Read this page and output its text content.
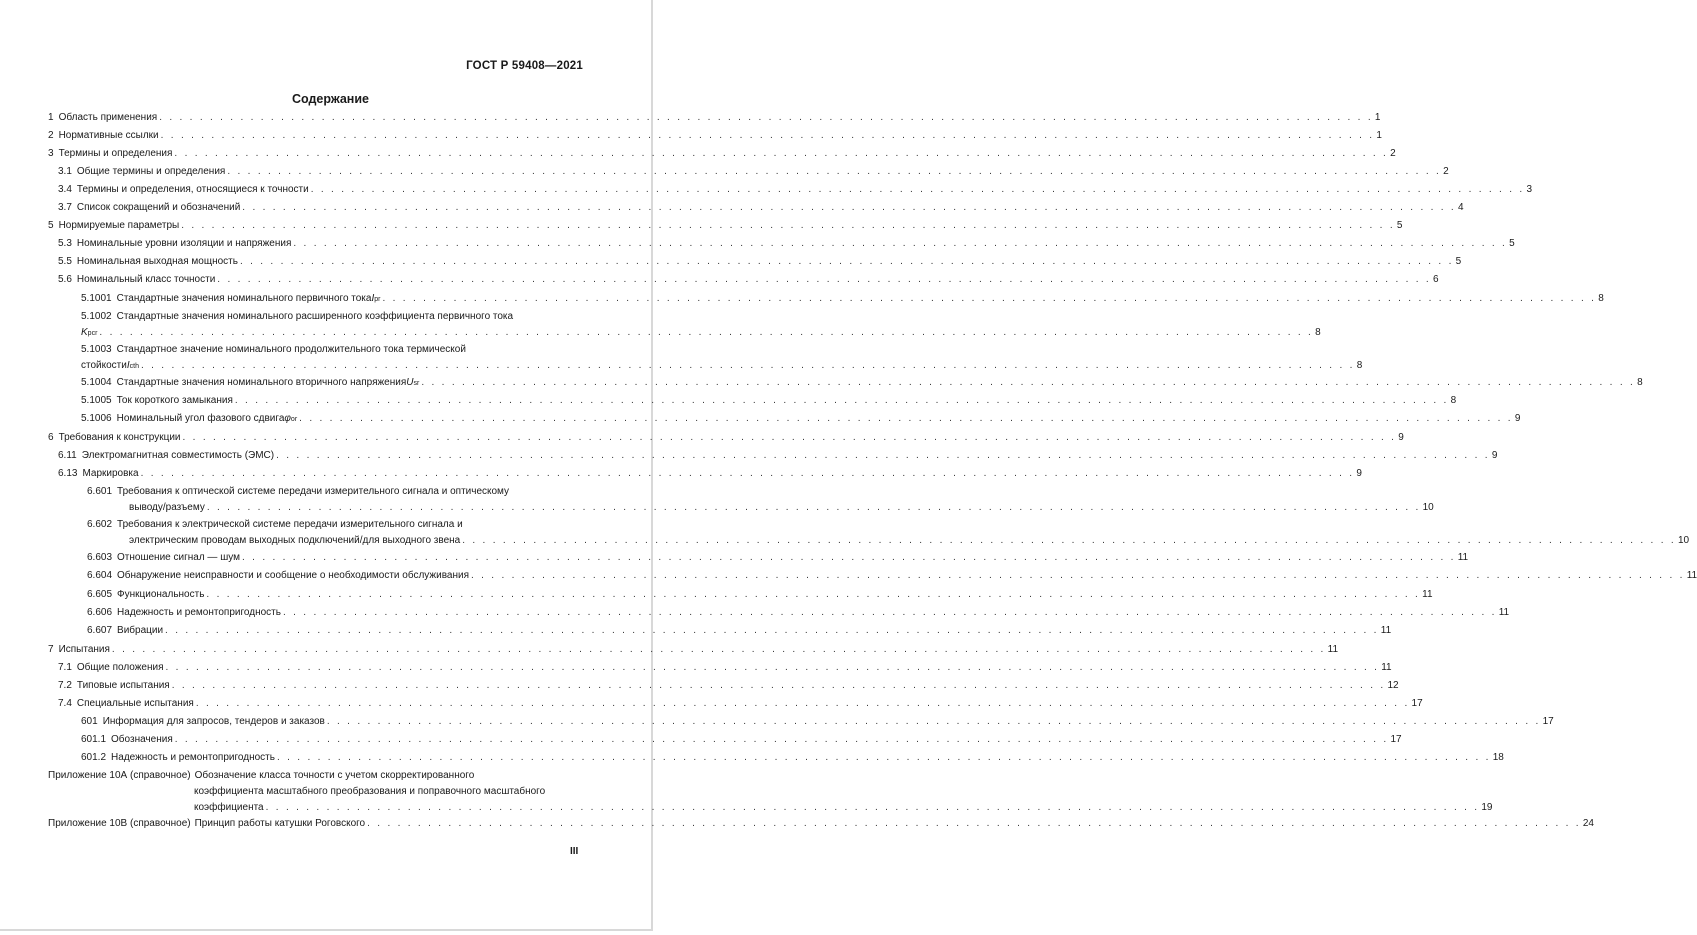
ГОСТ Р 59408—2021
Содержание
1 Область применения . . . . . . . . . . . . . . . . . . . . . . . . . . . . . . . . . . . . . . . . . . . . . . . . . . . . . . . . . . . . . . . . . . . . . . . . . . . . . . . . . . . . . . . . . . . . . . . . . . . . . . . . . . . . . . . . . . . . . . . . 1
2 Нормативные ссылки . . . . . . . . . . . . . . . . . . . . . . . . . . . . . . . . . . . . . . . . . . . . . . . . . . . . . . . . . . . . . . . . . . . . . . . . . . . . . . . . . . . . . . . . . . . . . . . . . . . . . . . . . . . . . . . . . . . . . . . . 1
3 Термины и определения . . . . . . . . . . . . . . . . . . . . . . . . . . . . . . . . . . . . . . . . . . . . . . . . . . . . . . . . . . . . . . . . . . . . . . . . . . . . . . . . . . . . . . . . . . . . . . . . . . . . . . . . . . . . . . . . . . . . . . . . 2
3.1 Общие термины и определения . . . . . . . . . . . . . . . . . . . . . . . . . . . . . . . . . . . . . . . . . . . . . . . . . . . . . . . . . . . . . . . . . . . . . . . . . . . . . . . . . . . . . . . . . . . . . . . . . . . . . . . . . . . . . . . . . . . . . . . . 2
3.4 Термины и определения, относящиеся к точности . . . . . . . . . . . . . . . . . . . . . . . . . . . . . . . . . . . . . . . . . . . . . . . . . . . . . . . . . . . . . . . . . . . . . . . . . . . . . . . . . . . . . . . . . . . . . . . . . . . . . . . . . . . . . . . . . . . . . . . . 3
3.7 Список сокращений и обозначений . . . . . . . . . . . . . . . . . . . . . . . . . . . . . . . . . . . . . . . . . . . . . . . . . . . . . . . . . . . . . . . . . . . . . . . . . . . . . . . . . . . . . . . . . . . . . . . . . . . . . . . . . . . . . . . . . . . . . . . . 4
5 Нормируемые параметры . . . . . . . . . . . . . . . . . . . . . . . . . . . . . . . . . . . . . . . . . . . . . . . . . . . . . . . . . . . . . . . . . . . . . . . . . . . . . . . . . . . . . . . . . . . . . . . . . . . . . . . . . . . . . . . . . . . . . . . . 5
5.3 Номинальные уровни изоляции и напряжения . . . . . . . . . . . . . . . . . . . . . . . . . . . . . . . . . . . . . . . . . . . . . . . . . . . . . . . . . . . . . . . . . . . . . . . . . . . . . . . . . . . . . . . . . . . . . . . . . . . . . . . . . . . . . . . . . . . . . . . . 5
5.5 Номинальная выходная мощность . . . . . . . . . . . . . . . . . . . . . . . . . . . . . . . . . . . . . . . . . . . . . . . . . . . . . . . . . . . . . . . . . . . . . . . . . . . . . . . . . . . . . . . . . . . . . . . . . . . . . . . . . . . . . . . . . . . . . . . . 5
5.6 Номинальный класс точности . . . . . . . . . . . . . . . . . . . . . . . . . . . . . . . . . . . . . . . . . . . . . . . . . . . . . . . . . . . . . . . . . . . . . . . . . . . . . . . . . . . . . . . . . . . . . . . . . . . . . . . . . . . . . . . . . . . . . . . . 6
5.1001 Стандартные значения номинального первичного тока I pr . . . . . . . . . . . . . . . . . . . . . . . . . . . . . . . . . . . . . . . . . . . . . . . . . . . . . . . . . . . . . . . . . . . . . . . . . . . . . . . . . . . . . . . . . . . . . . . . . . . . . . . . . . . . . . . . . . . . . . . . 8
5.1002 Стандартные значения номинального расширенного коэффициента первичного тока
K pcr . . . . . . . . . . . . . . . . . . . . . . . . . . . . . . . . . . . . . . . . . . . . . . . . . . . . . . . . . . . . . . . . . . . . . . . . . . . . . . . . . . . . . . . . . . . . . . . . . . . . . . . . . . . . . . . . . . . . . . . . 8
5.1003 Стандартное значение номинального продолжительного тока термической
стойкости I cth . . . . . . . . . . . . . . . . . . . . . . . . . . . . . . . . . . . . . . . . . . . . . . . . . . . . . . . . . . . . . . . . . . . . . . . . . . . . . . . . . . . . . . . . . . . . . . . . . . . . . . . . . . . . . . . . . . . . . . . . 8
5.1004 Стандартные значения номинального вторичного напряжения U sr . . . . . . . . . . . . . . . . . . . . . . . . . . . . . . . . . . . . . . . . . . . . . . . . . . . . . . . . . . . . . . . . . . . . . . . . . . . . . . . . . . . . . . . . . . . . . . . . . . . . . . . . . . . . . . . . . . . . . . . . 8
5.1005 Ток короткого замыкания . . . . . . . . . . . . . . . . . . . . . . . . . . . . . . . . . . . . . . . . . . . . . . . . . . . . . . . . . . . . . . . . . . . . . . . . . . . . . . . . . . . . . . . . . . . . . . . . . . . . . . . . . . . . . . . . . . . . . . . . 8
5.1006 Номинальный угол фазового сдвига φ or . . . . . . . . . . . . . . . . . . . . . . . . . . . . . . . . . . . . . . . . . . . . . . . . . . . . . . . . . . . . . . . . . . . . . . . . . . . . . . . . . . . . . . . . . . . . . . . . . . . . . . . . . . . . . . . . . . . . . . . . 9
6 Требования к конструкции . . . . . . . . . . . . . . . . . . . . . . . . . . . . . . . . . . . . . . . . . . . . . . . . . . . . . . . . . . . . . . . . . . . . . . . . . . . . . . . . . . . . . . . . . . . . . . . . . . . . . . . . . . . . . . . . . . . . . . . . 9
6.11 Электромагнитная совместимость (ЭМС) . . . . . . . . . . . . . . . . . . . . . . . . . . . . . . . . . . . . . . . . . . . . . . . . . . . . . . . . . . . . . . . . . . . . . . . . . . . . . . . . . . . . . . . . . . . . . . . . . . . . . . . . . . . . . . . . . . . . . . . . 9
6.13 Маркировка . . . . . . . . . . . . . . . . . . . . . . . . . . . . . . . . . . . . . . . . . . . . . . . . . . . . . . . . . . . . . . . . . . . . . . . . . . . . . . . . . . . . . . . . . . . . . . . . . . . . . . . . . . . . . . . . . . . . . . . . 9
6.601 Требования к оптической системе передачи измерительного сигнала и оптическому
выводу/разъему . . . . . . . . . . . . . . . . . . . . . . . . . . . . . . . . . . . . . . . . . . . . . . . . . . . . . . . . . . . . . . . . . . . . . . . . . . . . . . . . . . . . . . . . . . . . . . . . . . . . . . . . . . . . . . . . . . . . . . . . 10
6.602 Требования к электрической системе передачи измерительного сигнала и
электрическим проводам выходных подключений/для выходного звена . . . . . . . . . . . . . . . . . . . . . . . . . . . . . . . . . . . . . . . . . . . . . . . . . . . . . . . . . . . . . . . . . . . . . . . . . . . . . . . . . . . . . . . . . . . . . . . . . . . . . . . . . . . . . . . . . . . . . . . . 10
6.603 Отношение сигнал — шум . . . . . . . . . . . . . . . . . . . . . . . . . . . . . . . . . . . . . . . . . . . . . . . . . . . . . . . . . . . . . . . . . . . . . . . . . . . . . . . . . . . . . . . . . . . . . . . . . . . . . . . . . . . . . . . . . . . . . . . . 11
6.604 Обнаружение неисправности и сообщение о необходимости обслуживания . . . . . . . . . . . . . . . . . . . . . . . . . . . . . . . . . . . . . . . . . . . . . . . . . . . . . . . . . . . . . . . . . . . . . . . . . . . . . . . . . . . . . . . . . . . . . . . . . . . . . . . . . . . . . . . . . . . . . . . . 11
6.605 Функциональность . . . . . . . . . . . . . . . . . . . . . . . . . . . . . . . . . . . . . . . . . . . . . . . . . . . . . . . . . . . . . . . . . . . . . . . . . . . . . . . . . . . . . . . . . . . . . . . . . . . . . . . . . . . . . . . . . . . . . . . . 11
6.606 Надежность и ремонтопригодность . . . . . . . . . . . . . . . . . . . . . . . . . . . . . . . . . . . . . . . . . . . . . . . . . . . . . . . . . . . . . . . . . . . . . . . . . . . . . . . . . . . . . . . . . . . . . . . . . . . . . . . . . . . . . . . . . . . . . . . . 11
6.607 Вибрации . . . . . . . . . . . . . . . . . . . . . . . . . . . . . . . . . . . . . . . . . . . . . . . . . . . . . . . . . . . . . . . . . . . . . . . . . . . . . . . . . . . . . . . . . . . . . . . . . . . . . . . . . . . . . . . . . . . . . . . . 11
7 Испытания . . . . . . . . . . . . . . . . . . . . . . . . . . . . . . . . . . . . . . . . . . . . . . . . . . . . . . . . . . . . . . . . . . . . . . . . . . . . . . . . . . . . . . . . . . . . . . . . . . . . . . . . . . . . . . . . . . . . . . . . 11
7.1 Общие положения . . . . . . . . . . . . . . . . . . . . . . . . . . . . . . . . . . . . . . . . . . . . . . . . . . . . . . . . . . . . . . . . . . . . . . . . . . . . . . . . . . . . . . . . . . . . . . . . . . . . . . . . . . . . . . . . . . . . . . . . 11
7.2 Типовые испытания . . . . . . . . . . . . . . . . . . . . . . . . . . . . . . . . . . . . . . . . . . . . . . . . . . . . . . . . . . . . . . . . . . . . . . . . . . . . . . . . . . . . . . . . . . . . . . . . . . . . . . . . . . . . . . . . . . . . . . . . 12
7.4 Специальные испытания . . . . . . . . . . . . . . . . . . . . . . . . . . . . . . . . . . . . . . . . . . . . . . . . . . . . . . . . . . . . . . . . . . . . . . . . . . . . . . . . . . . . . . . . . . . . . . . . . . . . . . . . . . . . . . . . . . . . . . . . 17
601 Информация для запросов, тендеров и заказов . . . . . . . . . . . . . . . . . . . . . . . . . . . . . . . . . . . . . . . . . . . . . . . . . . . . . . . . . . . . . . . . . . . . . . . . . . . . . . . . . . . . . . . . . . . . . . . . . . . . . . . . . . . . . . . . . . . . . . . . 17
601.1 Обозначения . . . . . . . . . . . . . . . . . . . . . . . . . . . . . . . . . . . . . . . . . . . . . . . . . . . . . . . . . . . . . . . . . . . . . . . . . . . . . . . . . . . . . . . . . . . . . . . . . . . . . . . . . . . . . . . . . . . . . . . . 17
601.2 Надежность и ремонтопригодность . . . . . . . . . . . . . . . . . . . . . . . . . . . . . . . . . . . . . . . . . . . . . . . . . . . . . . . . . . . . . . . . . . . . . . . . . . . . . . . . . . . . . . . . . . . . . . . . . . . . . . . . . . . . . . . . . . . . . . . . 18
Приложение 10А (справочное) Обозначение класса точности с учетом скорректированного
коэффициента масштабного преобразования и поправочного масштабного
коэффициента . . . . . . . . . . . . . . . . . . . . . . . . . . . . . . . . . . . . . . . . . . . . . . . . . . . . . . . . . . . . . . . . . . . . . . . . . . . . . . . . . . . . . . . . . . . . . . . . . . . . . . . . . . . . . . . . . . . . . . . . 19
Приложение 10В (справочное) Принцип работы катушки Роговского . . . . . . . . . . . . . . . . . . . . . . . . . . . . . . . . . . . . . . . . . . . . . . . . . . . . . . . . . . . . . . . . . . . . . . . . . . . . . . . . . . . . . . . . . . . . . . . . . . . . . . . . . . . . . . . . . . . . . . . . 24
III
